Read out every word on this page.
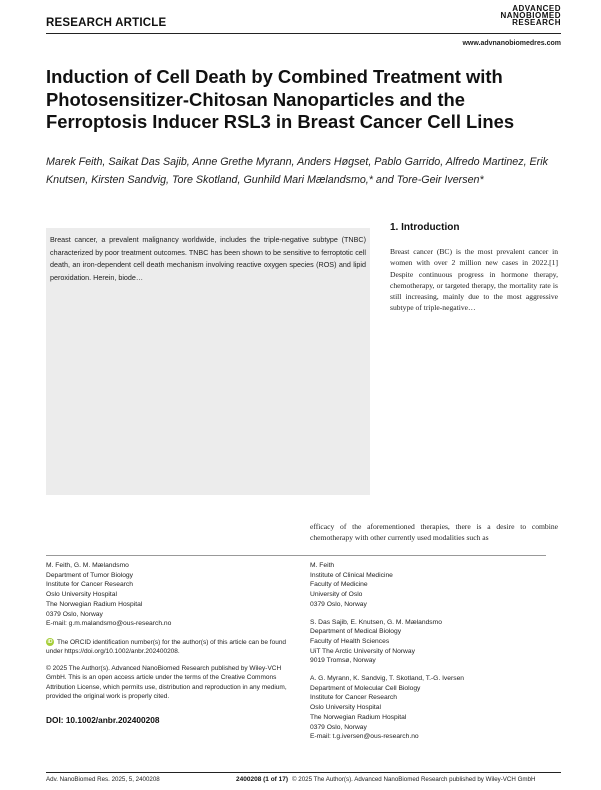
RESEARCH ARTICLE
ADVANCED
NANOBIOMED
RESEARCH
www.advnanobiomedres.com
Induction of Cell Death by Combined Treatment with Photosensitizer-Chitosan Nanoparticles and the Ferroptosis Inducer RSL3 in Breast Cancer Cell Lines
Marek Feith, Saikat Das Sajib, Anne Grethe Myrann, Anders Høgset, Pablo Garrido, Alfredo Martinez, Erik Knutsen, Kirsten Sandvig, Tore Skotland, Gunhild Mari Mælandsmo,* and Tore-Geir Iversen*
Breast cancer, a prevalent malignancy worldwide, includes the triple-negative subtype (TNBC) characterized by poor treatment outcomes. TNBC has been shown to be sensitive to ferroptotic cell death, an iron-dependent cell death mechanism involving reactive oxygen species (ROS) and lipid peroxidation. Herein, biode…
1. Introduction
Breast cancer (BC) is the most prevalent cancer in women with over 2 million new cases in 2022.[1] Despite continuous progress in hormone therapy, chemotherapy, or targeted therapy, the mortality rate is still increasing, mainly due to the most aggressive subtype of triple-negative…
efficacy of the aforementioned therapies, there is a desire to combine chemotherapy with other currently used modalities such as
M. Feith, G. M. Mælandsmo
Department of Tumor Biology
Institute for Cancer Research
Oslo University Hospital
The Norwegian Radium Hospital
0379 Oslo, Norway
E-mail: g.m.malandsmo@ous-research.no
M. Feith
Institute of Clinical Medicine
Faculty of Medicine
University of Oslo
0379 Oslo, Norway
S. Das Sajib, E. Knutsen, G. M. Mælandsmo
Department of Medical Biology
Faculty of Health Sciences
UiT The Arctic University of Norway
9019 Tromsø, Norway
A. G. Myrann, K. Sandvig, T. Skotland, T.-G. Iversen
Department of Molecular Cell Biology
Institute for Cancer Research
Oslo University Hospital
The Norwegian Radium Hospital
0379 Oslo, Norway
E-mail: t.g.iversen@ous-research.no
iD The ORCID identification number(s) for the author(s) of this article can be found under https://doi.org/10.1002/anbr.202400208.
© 2025 The Author(s). Advanced NanoBiomed Research published by Wiley-VCH GmbH. This is an open access article under the terms of the Creative Commons Attribution License, which permits use, distribution and reproduction in any medium, provided the original work is properly cited.
DOI: 10.1002/anbr.202400208
Adv. NanoBiomed Res. 2025, 5, 2400208	2400208 (1 of 17) © 2025 The Author(s). Advanced NanoBiomed Research published by Wiley-VCH GmbH
